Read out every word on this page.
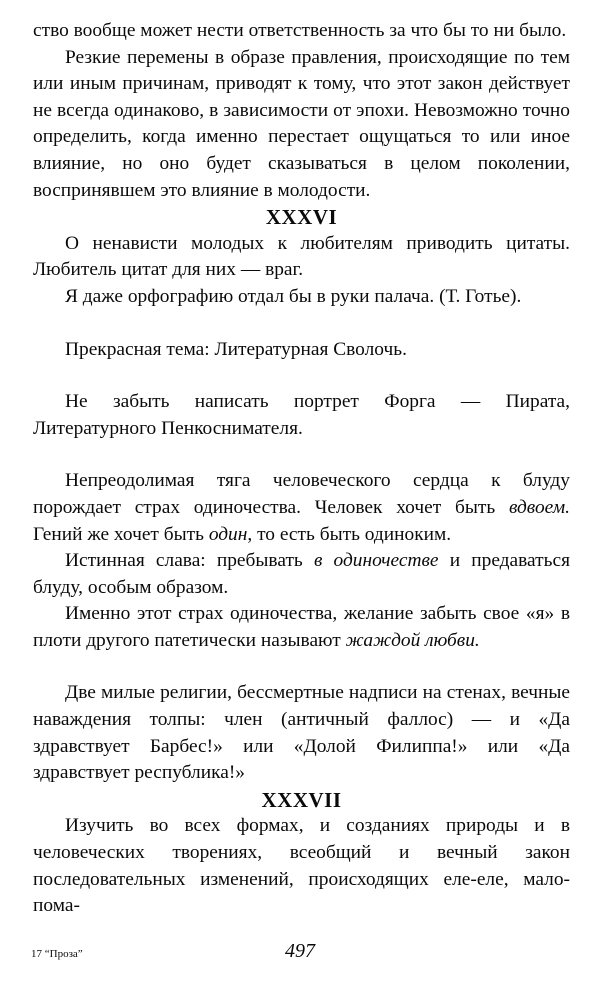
ство вообще может нести ответственность за что бы то ни было.

Резкие перемены в образе правления, происходящие по тем или иным причинам, приводят к тому, что этот закон действует не всегда одинаково, в зависимости от эпохи. Невозможно точно определить, когда именно перестает ощущаться то или иное влияние, но оно будет сказываться в целом поколении, воспринявшем это влияние в молодости.

XXXVI

О ненависти молодых к любителям приводить цитаты. Любитель цитат для них — враг.

Я даже орфографию отдал бы в руки палача. (Т. Готье).

Прекрасная тема: Литературная Сволочь.

Не забыть написать портрет Форга — Пирата, Литературного Пенкоснимателя.

Непреодолимая тяга человеческого сердца к блуду порождает страх одиночества. Человек хочет быть вдвоем. Гений же хочет быть один, то есть быть одиноким.

Истинная слава: пребывать в одиночестве и предаваться блуду, особым образом.

Именно этот страх одиночества, желание забыть свое «я» в плоти другого патетически называют жаждой любви.

Две милые религии, бессмертные надписи на стенах, вечные наваждения толпы: член (античный фаллос) — и «Да здравствует Барбес!» или «Долой Филиппа!» или «Да здравствует республика!»

XXXVII

Изучить во всех формах, и созданиях природы и в человеческих творениях, всеобщий и вечный закон последовательных изменений, происходящих еле-еле, мало-пома-

17 “Проза”	497
